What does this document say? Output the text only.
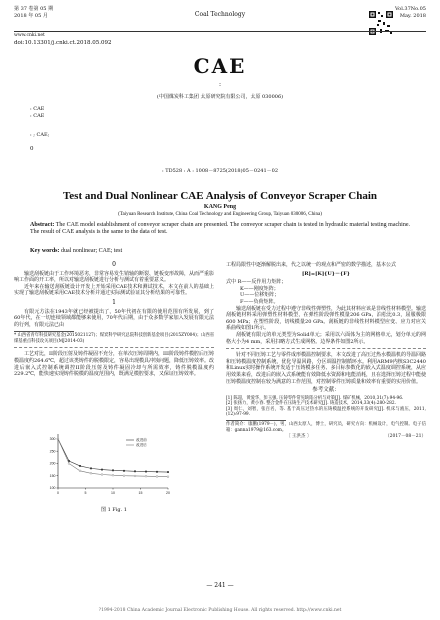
第 37 卷第 05 期
2018 年 05 月	Coal Technology
Vol.37No.05
May. 2018
www.cnki.net
doi:10.13301/j.cnki.ct.2018.05.092
CAE
:
(中国煤炭科工集团 太原研究院有限公司，太原 030006)
: CAE
: CAE
: ; CAE;
0
: TD528 : A : 1008－8725(2018)05－0241－02
Test and Dual Nonlinear CAE Analysis of Conveyor Scraper Chain
KANG Peng
(Taiyuan Research Institute, China Coal Technology and Engineering Group, Taiyuan 030006, China)
Abstract: The CAE model establishment of conveyor scraper chain are presented. The conveyor scraper chain is tested in hydraulic material testing machine. The result of CAE analysis is the same to the data of test.
Key words: dual nonlinear; CAE; test
0
输送刮板链由于工作环境恶劣，非常容易发生销轴的断裂、链板变形故障，从而严重影响工作面的开工率，所以对输送刮板链进行分析与测试有着重要意义。
近年来在输送刮板链设计开发上开始采用CAE技术和测试技术，本文在前人的基础上实现了输送刮板链采用CAE技术分析并通过实际测试验证其分析结果的可靠性。
1
有限元方法在1943年就已经被提出了，50年代初在有限的使用范围有所发展，到了60年代，在一切连续领域都能够来使用，70年代后期，由于众多数学家加入发展有限元法的行列，有限元法已由
* 山西省青年科技研究基金(2015021127)；煤炭科学研究总院科技创新基金项目(2015ZY004)；山西省煤基重点科技攻关项目(MJ2014-03)
工艺对比，II阶段压射及铸件凝固不充分，在单次压铸周期内，III阶段铸件模腔后压铸模温度约264.6℃，超过该类铸件的脱模限定，容易出现模具冲蚀问题，降低压铸效率。改进后嵌入式控制系统调控II阶段压射及铸件凝固冷却与所需效率，铸件脱模温度约229.2℃，能快速实现铸件脱模的温度范围内，既满足模腔要求，又保证压铸效率。
0	5	10	15	20
100
150
200
250
300	改进前
改进后
图 1 Fig. 1
工程局限性中逐渐解脱出来，代之以统一的观点和严密的数学描述，基本公式
[R]=[K]{U}－{F}
式中 R——反作用力矩阵；
K——刚度矩阵；
U——位移矩阵；
F——负荷矩阵。
输送刮板链在受力过程中遵守非线性弹塑性，为此其材料应该是非线性材料模型。输送刮板链材料采用弹塑性材料模型，在弹性阶段弹性模量206 GPa，泊松比0.3，屈服极限600 MPa；在塑性阶段，切线模量20 GPa。刮板链的非线性材料模型应变、应力对应关系曲线如图1所示。
刮板链有限元的单元类型为Solid单元；采用以六面体为主的网格单元，划分单元的网格大小为4 mm，采用扫略方式生成网格。边界条件如图2所示。
针对不同压铸工艺与零件成形模温控制要求，本文改进了高压过热水模温机的导温回路和压铸模温度控制系统，优化导温回路，分区调温控制循环水。利用ARM9内核S3C2440和Linux实时操作系统开发适于压铸模多任务、多目标参数化的嵌入式温度调控系统，从应用效果来看，改进后的嵌入式系统能有效降低水资源和电能消耗，且在选择压铸过程中能使压铸模温度控制在较为满意的工作范围，对控制零件压铸质量和效率有重要的实用价值。
参考文献：
[1] 陈超，黄爱华，彭玉强. 压铸零件常见缺陷分析与对策[J]. 煤矿机械，2010,31(7):94-96.
[2] 张扬力，黄小春. 整合金件在压铸生产技术研究[J]. 铸造技术，2014,33(4):280-282.
[3] 周仁，刘智，张百名，等. 基于高压过热水的压铸模温控系统的开发研究[J]. 机床与液压，2011,(12):97-99.
作者简介：康鹏(1979－)，男，山西太原人，博士，研究员，研究方向：机械设计，电气控制。电子信箱：ganna1979@163.com。
〔 王洪杰 〕	（2017－08－21）
— 241 —
?1994-2018 China Academic Journal Electronic Publishing House. All rights reserved. http://www.cnki.net
